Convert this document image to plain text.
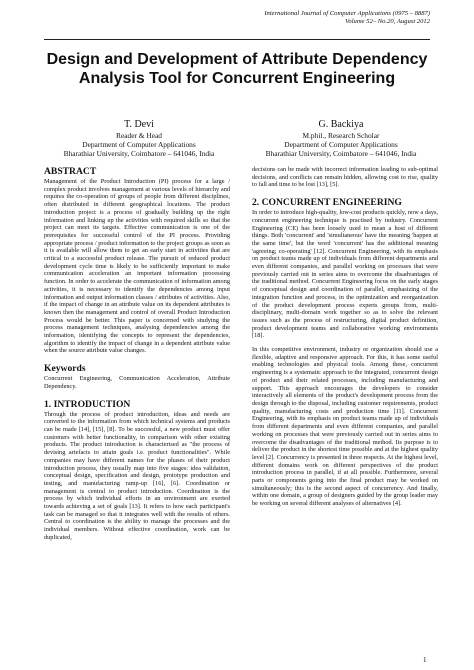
International Journal of Computer Applications (0975 – 8887)
Volume 52– No.20, August 2012
Design and Development of Attribute Dependency
Analysis Tool for Concurrent Engineering
T. Devi
Reader & Head
Department of Computer Applications
Bharathiar University, Coimbatore – 641046, India
G. Backiya
M.phil., Research Scholar
Department of Computer Applications
Bharathiar University, Coimbatore – 641046, India
ABSTRACT

Management of the Product Introduction (PI) process for a large / complex product involves management at various levels of hierarchy and requires the co-operation of groups of people from different disciplines, often distributed in different geographical locations. The product introduction project is a process of gradually building up the right information and linking up the activities with required skills so that the project can meet its targets. Effective communication is one of the prerequisites for successful control of the PI process. Providing appropriate process / product information to the project groups as soon as it is available will allow them to get an early start in activities that are critical to a successful product release. The pursuit of reduced product development cycle time is likely to be sufficiently important to make communication acceleration an important information processing function. In order to accelerate the communication of information among activities, it is necessary to identify the dependencies among input information and output information classes / attributes of activities. Also, if the impact of change in an attribute value on its dependent attributes is known then the management and control of overall Product Introduction Process would be better. This paper is concerned with studying the process management techniques, analysing dependencies among the information, identifying the concepts to represent the dependencies, algorithm to identify the impact of change in a dependent attribute value when the source attribute value changes.

Keywords

Concurrent Engineering, Communication Acceleration, Attribute Dependency.

1. INTRODUCTION

Through the process of product introduction, ideas and needs are converted to the information from which technical systems and products can be made [14], [15], [8]. To be successful, a new product must offer customers with better functionality, in comparison with other existing products. The product introduction is characterised as "the process of devising artefacts to attain goals i.e. product functionalities". While companies may have different names for the phases of their product introduction process, they usually map into five stages: idea validation, conceptual design, specification and design, prototype production and testing, and manufacturing ramp-up [16], [6]. Coordination or management is central to product introduction. Coordination is the process by which individual efforts in an environment are exerted towards achieving a set of goals [13]. It refers to how each participant's task can be managed so that it integrates well with the results of others. Central to coordination is the ability to manage the processes and the individual members. Without effective coordination, work can be duplicated,

decisions can be made with incorrect information leading to sub-optimal decisions, and conflicts can remain hidden, allowing cost to rise, quality to fall and time to be lost [13], [5].

2. CONCURRENT ENGINEERING

In order to introduce high-quality, low-cost products quickly, now a days, concurrent engineering technique is practised by industry. Concurrent Engineering (CE) has been loosely used to mean a host of different things. Both 'concurrent' and 'simultaneous' have the meaning 'happen at the same time', but the word 'concurrent' has the additional meaning 'agreeing; co-operating' [12]. Concurrent Engineering, with its emphasis on product teams made up of individuals from different departments and even different companies, and parallel working on processes that were previously carried out in series aims to overcome the disadvantages of the traditional method. Concurrent Engineering focus on the early stages of conceptual design and coordination of parallel, emphasizing of the integration function and process, in the optimization and reorganization of the product development process experts groups from, multi-disciplinary, multi-domain work together so as to solve the relevant issues such as the process of restructuring, digital product definition, product development teams and collaborative working environments [18].

In this competitive environment, industry or organization should use a flexible, adaptive and responsive approach. For this, it has some useful enabling technologies and physical tools. Among these, concurrent engineering is a systematic approach to the integrated, concurrent design of product and their related processes, including manufacturing and support. This approach encourages the developers to consider interactively all elements of the product's development process from the design through to the disposal, including customer requirements, product quality, manufacturing costs and production time [11]. Concurrent Engineering, with its emphasis on product teams made up of individuals from different departments and even different companies, and parallel working on processes that were previously carried out in series aims to overcome the disadvantages of the traditional method. Its purpose is to deliver the product in the shortest time possible and at the highest quality level [2]. Concurrency is presented in three respects. At the highest level, different domains work on different perspectives of the product introduction process in parallel, if at all possible. Furthermore, several parts or components going into the final product may be worked on simultaneously; this is the second aspect of concurrency. And finally, within one domain, a group of designers guided by the group leader may be working on several different analyses of alternatives [4].

1
